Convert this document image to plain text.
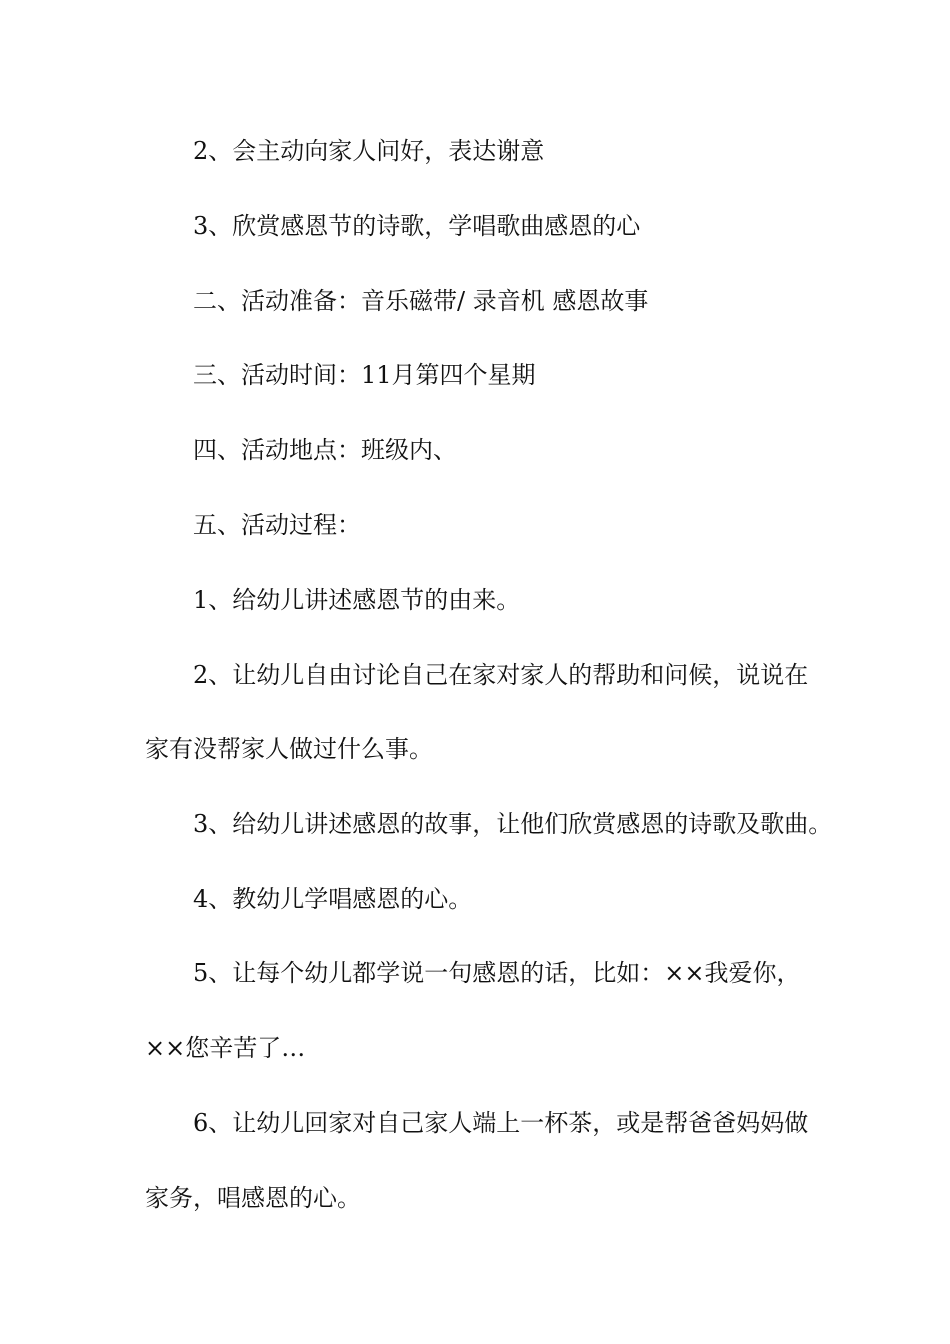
2、会主动向家人问好，表达谢意
3、欣赏感恩节的诗歌，学唱歌曲感恩的心
二、活动准备：音乐磁带/ 录音机 感恩故事
三、活动时间：11月第四个星期
四、活动地点：班级内、
五、活动过程：
1、给幼儿讲述感恩节的由来。
2、让幼儿自由讨论自己在家对家人的帮助和问候，说说在
家有没帮家人做过什么事。
3、给幼儿讲述感恩的故事，让他们欣赏感恩的诗歌及歌曲。
4、教幼儿学唱感恩的心。
5、让每个幼儿都学说一句感恩的话，比如：××我爱你，
××您辛苦了…
6、让幼儿回家对自己家人端上一杯茶，或是帮爸爸妈妈做
家务，唱感恩的心。
